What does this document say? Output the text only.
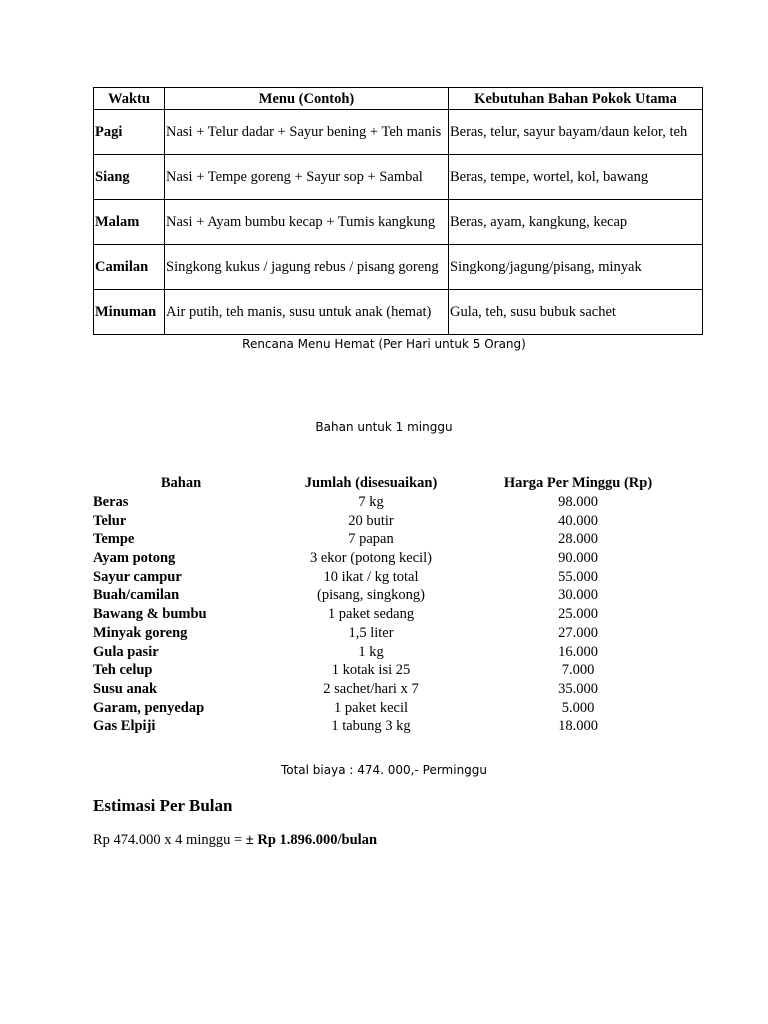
Waktu	Menu (Contoh)	Kebutuhan Bahan Pokok Utama
Pagi	Nasi + Telur dadar + Sayur bening + Teh manis	Beras, telur, sayur bayam/daun kelor, teh
Siang	Nasi + Tempe goreng + Sayur sop + Sambal	Beras, tempe, wortel, kol, bawang
Malam	Nasi + Ayam bumbu kecap + Tumis kangkung	Beras, ayam, kangkung, kecap
Camilan	Singkong kukus / jagung rebus / pisang goreng	Singkong/jagung/pisang, minyak
Minuman	Air putih, teh manis, susu untuk anak (hemat)	Gula, teh, susu bubuk sachet
Rencana Menu Hemat (Per Hari untuk 5 Orang)
Bahan untuk 1 minggu
Bahan	Jumlah (disesuaikan)	Harga Per Minggu (Rp)
Beras	7 kg	98.000
Telur	20 butir	40.000
Tempe	7 papan	28.000
Ayam potong	3 ekor (potong kecil)	90.000
Sayur campur	10 ikat / kg total	55.000
Buah/camilan	(pisang, singkong)	30.000
Bawang & bumbu	1 paket sedang	25.000
Minyak goreng	1,5 liter	27.000
Gula pasir	1 kg	16.000
Teh celup	1 kotak isi 25	7.000
Susu anak	2 sachet/hari x 7	35.000
Garam, penyedap	1 paket kecil	5.000
Gas Elpiji	1 tabung 3 kg	18.000
Total biaya : 474. 000,- Perminggu
Estimasi Per Bulan
Rp 474.000 x 4 minggu = ± Rp 1.896.000/bulan
